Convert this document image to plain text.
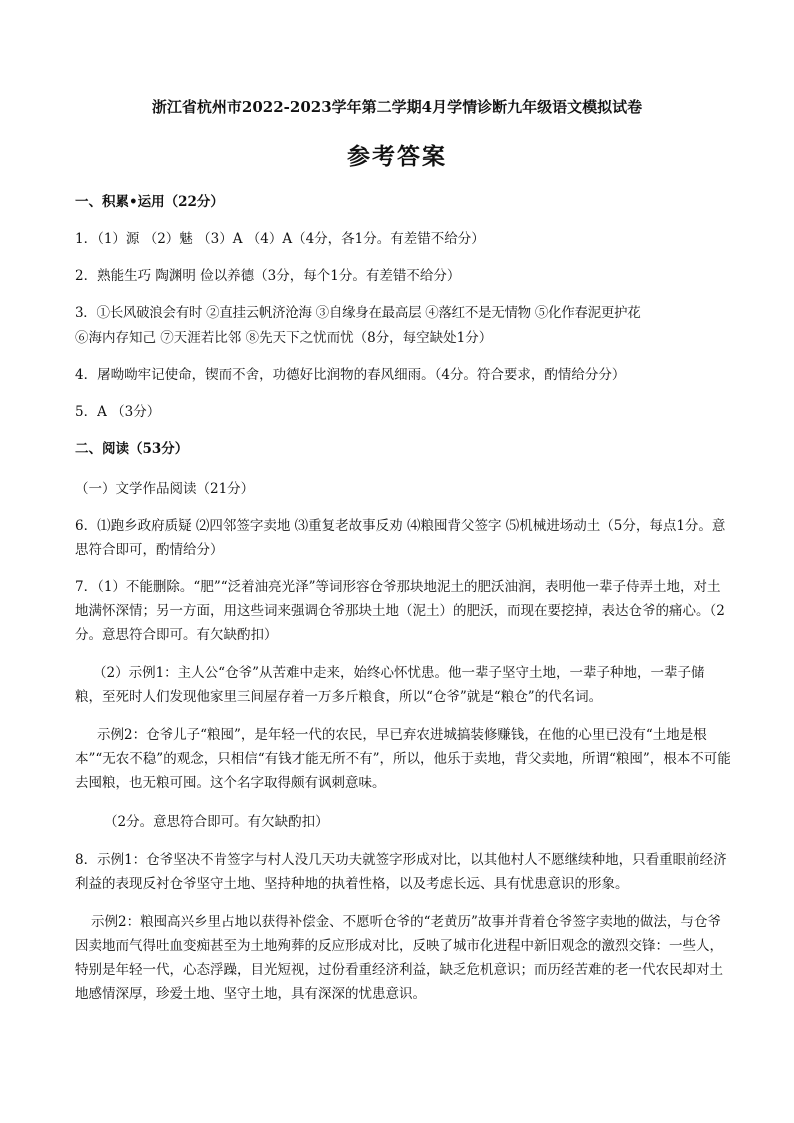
浙江省杭州市2022-2023学年第二学期4月学情诊断九年级语文模拟试卷
参考答案
一、积累•运用（22分）
1．（1）源 （2）魅 （3）A （4）A（4分，各1分。有差错不给分）
2．熟能生巧 陶渊明 俭以养德（3分，每个1分。有差错不给分）
3．①长风破浪会有时 ②直挂云帆济沧海 ③自缘身在最高层 ④落红不是无情物 ⑤化作春泥更护花
⑥海内存知己 ⑦天涯若比邻 ⑧先天下之忧而忧（8分，每空缺处1分）
4．屠呦呦牢记使命，锲而不舍，功德好比润物的春风细雨。（4分。符合要求，酌情给分分）
5．A （3分）
二、阅读（53分）
（一）文学作品阅读（21分）
6．⑴跑乡政府质疑 ⑵四邻签字卖地 ⑶重复老故事反劝 ⑷粮囤背父签字 ⑸机械进场动土（5分，每点1分。意思符合即可，酌情给分）
7．（1）不能删除。“肥”“泛着油亮光泽”等词形容仓爷那块地泥土的肥沃油润，表明他一辈子侍弄土地，对土地满怀深情；另一方面，用这些词来强调仓爷那块土地（泥土）的肥沃，而现在要挖掉，表达仓爷的痛心。（2分。意思符合即可。有欠缺酌扣）
（2）示例1：主人公“仓爷”从苦难中走来，始终心怀忧患。他一辈子坚守土地，一辈子种地，一辈子储粮，至死时人们发现他家里三间屋存着一万多斤粮食，所以“仓爷”就是“粮仓”的代名词。
示例2：仓爷儿子“粮囤”，是年轻一代的农民，早已弃农进城搞装修赚钱，在他的心里已没有“土地是根本”“无农不稳”的观念，只相信“有钱才能无所不有”，所以，他乐于卖地，背父卖地，所谓“粮囤”，根本不可能去囤粮，也无粮可囤。这个名字取得颇有讽刺意味。
（2分。意思符合即可。有欠缺酌扣）
8．示例1：仓爷坚决不肯签字与村人没几天功夫就签字形成对比，以其他村人不愿继续种地，只看重眼前经济利益的表现反衬仓爷坚守土地、坚持种地的执着性格，以及考虑长远、具有忧患意识的形象。
示例2：粮囤高兴乡里占地以获得补偿金、不愿听仓爷的“老黄历”故事并背着仓爷签字卖地的做法，与仓爷因卖地而气得吐血变痴甚至为土地殉葬的反应形成对比，反映了城市化进程中新旧观念的激烈交锋：一些人，特别是年轻一代，心态浮躁，目光短视，过份看重经济利益，缺乏危机意识；而历经苦难的老一代农民却对土地感情深厚，珍爱土地、坚守土地，具有深深的忧患意识。
